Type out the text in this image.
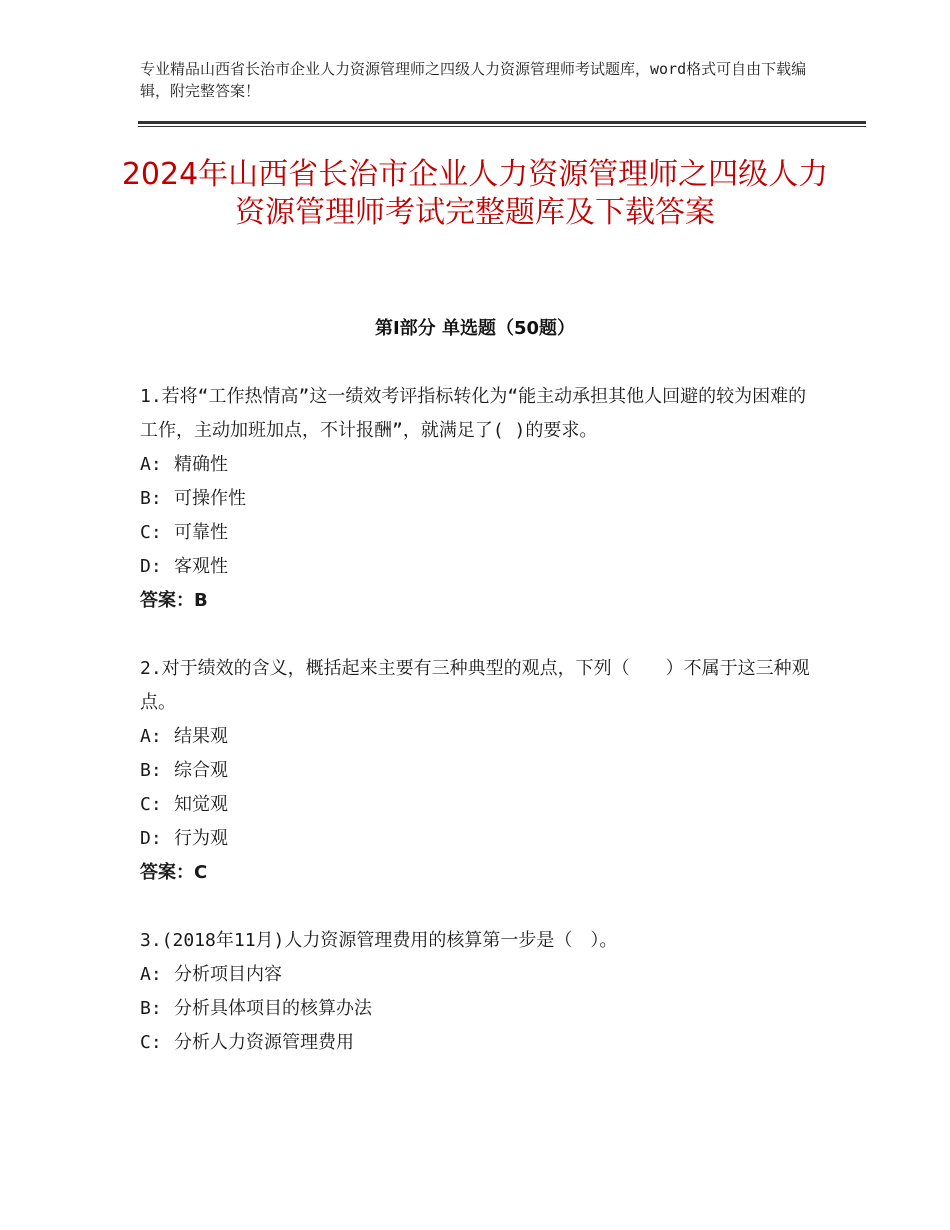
专业精品山西省长治市企业人力资源管理师之四级人力资源管理师考试题库，word格式可自由下载编辑，附完整答案！
2024年山西省长治市企业人力资源管理师之四级人力资源管理师考试完整题库及下载答案
第Ⅰ部分 单选题（50题）
1.若将“工作热情高”这一绩效考评指标转化为“能主动承担其他人回避的较为困难的工作，主动加班加点，不计报酬”，就满足了( )的要求。
A: 精确性
B: 可操作性
C: 可靠性
D: 客观性
答案：B
2.对于绩效的含义，概括起来主要有三种典型的观点，下列（　　）不属于这三种观点。
A: 结果观
B: 综合观
C: 知觉观
D: 行为观
答案：C
3.(2018年11月)人力资源管理费用的核算第一步是（　）。
A: 分析项目内容
B: 分析具体项目的核算办法
C: 分析人力资源管理费用
